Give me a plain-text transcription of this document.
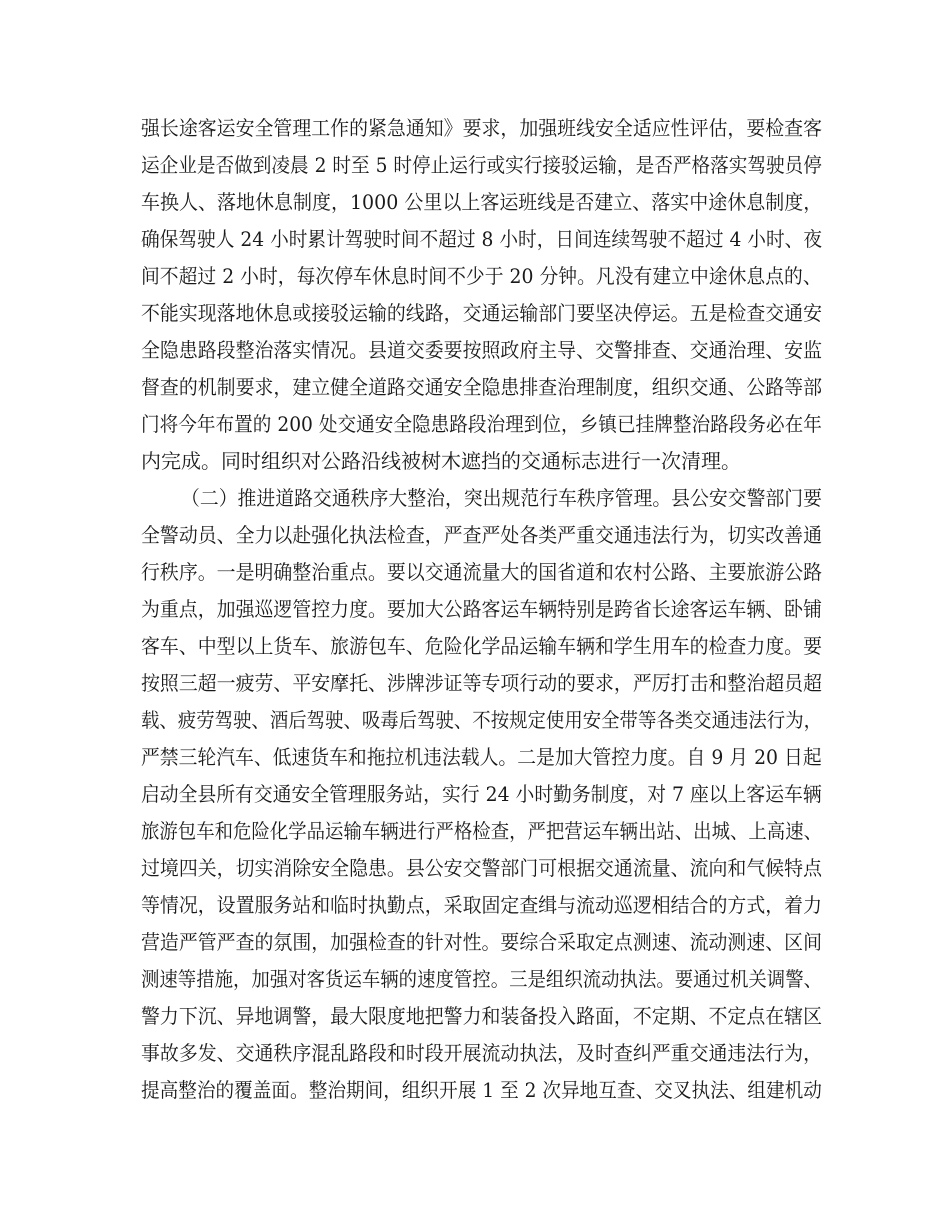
强长途客运安全管理工作的紧急通知》要求，加强班线安全适应性评估，要检查客
运企业是否做到凌晨 2 时至 5 时停止运行或实行接驳运输，是否严格落实驾驶员停
车换人、落地休息制度，1000 公里以上客运班线是否建立、落实中途休息制度，
确保驾驶人 24 小时累计驾驶时间不超过 8 小时，日间连续驾驶不超过 4 小时、夜
间不超过 2 小时，每次停车休息时间不少于 20 分钟。凡没有建立中途休息点的、
不能实现落地休息或接驳运输的线路，交通运输部门要坚决停运。五是检查交通安
全隐患路段整治落实情况。县道交委要按照政府主导、交警排查、交通治理、安监
督查的机制要求，建立健全道路交通安全隐患排查治理制度，组织交通、公路等部
门将今年布置的 200 处交通安全隐患路段治理到位，乡镇已挂牌整治路段务必在年
内完成。同时组织对公路沿线被树木遮挡的交通标志进行一次清理。
（二）推进道路交通秩序大整治，突出规范行车秩序管理。县公安交警部门要
全警动员、全力以赴强化执法检查，严查严处各类严重交通违法行为，切实改善通
行秩序。一是明确整治重点。要以交通流量大的国省道和农村公路、主要旅游公路
为重点，加强巡逻管控力度。要加大公路客运车辆特别是跨省长途客运车辆、卧铺
客车、中型以上货车、旅游包车、危险化学品运输车辆和学生用车的检查力度。要
按照三超一疲劳、平安摩托、涉牌涉证等专项行动的要求，严厉打击和整治超员超
载、疲劳驾驶、酒后驾驶、吸毒后驾驶、不按规定使用安全带等各类交通违法行为，
严禁三轮汽车、低速货车和拖拉机违法载人。二是加大管控力度。自 9 月 20 日起
启动全县所有交通安全管理服务站，实行 24 小时勤务制度，对 7 座以上客运车辆
旅游包车和危险化学品运输车辆进行严格检查，严把营运车辆出站、出城、上高速、
过境四关，切实消除安全隐患。县公安交警部门可根据交通流量、流向和气候特点
等情况，设置服务站和临时执勤点，采取固定查缉与流动巡逻相结合的方式，着力
营造严管严查的氛围，加强检查的针对性。要综合采取定点测速、流动测速、区间
测速等措施，加强对客货运车辆的速度管控。三是组织流动执法。要通过机关调警、
警力下沉、异地调警，最大限度地把警力和装备投入路面，不定期、不定点在辖区
事故多发、交通秩序混乱路段和时段开展流动执法，及时查纠严重交通违法行为，
提高整治的覆盖面。整治期间，组织开展 1 至 2 次异地互查、交叉执法、组建机动
